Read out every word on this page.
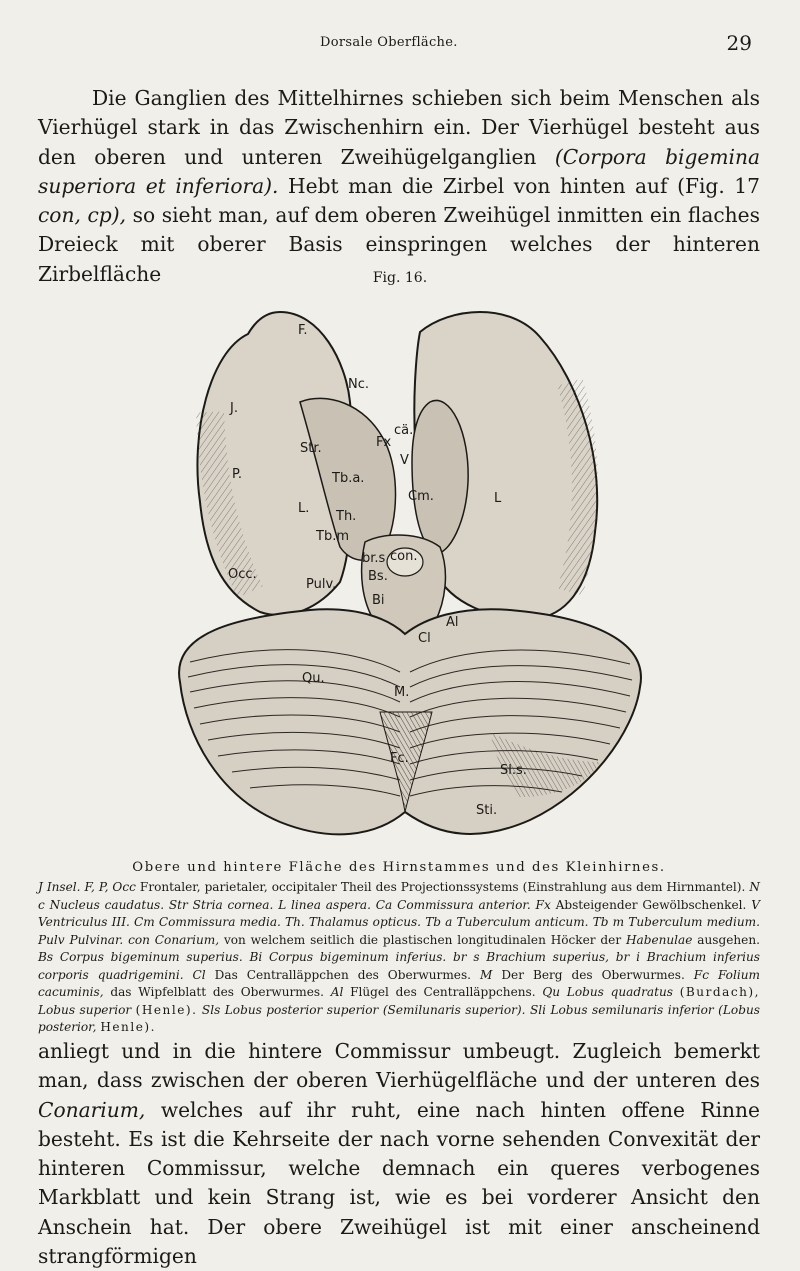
Dorsale Oberfläche.	29

Die Ganglien des Mittelhirnes schieben sich beim Menschen als Vierhügel stark in das Zwischenhirn ein. Der Vierhügel besteht aus den oberen und unteren Zweihügelganglien (Corpora bigemina superiora et inferiora). Hebt man die Zirbel von hinten auf (Fig. 17 con, cp), so sieht man, auf dem oberen Zweihügel inmitten ein flaches Dreieck mit oberer Basis einspringen welches der hinteren Zirbelfläche	Fig. 16.
F.
Nc.
cä.
Fx
J.
Str.
Tb.a.
V
Cm.
P.
L.
Th.
L
Tb.m
br.s con.
Bs.
Occ.
Pulv.
Bi
Cl
Al
Qu.
M.
Fc.
Sl.s.
Sti.
Obere und hintere Fläche des Hirnstammes und des Kleinhirnes.
J Insel. F, P, Occ Frontaler, parietaler, occipitaler Theil des Projectionssystems (Einstrahlung aus dem Hirnmantel). N c Nucleus caudatus. Str Stria cornea. L linea aspera. Ca Commissura anterior. Fx Absteigender Gewölbschenkel. V Ventriculus III. Cm Commissura media. Th. Thalamus opticus. Tb a Tuberculum anticum. Tb m Tuberculum medium. Pulv Pulvinar. con Conarium, von welchem seitlich die plastischen longitudinalen Höcker der Habenulae ausgehen. Bs Corpus bigeminum superius. Bi Corpus bigeminum inferius. br s Brachium superius, br i Brachium inferius corporis quadrigemini. Cl Das Centralläppchen des Oberwurmes. M Der Berg des Oberwurmes. Fc Folium cacuminis, das Wipfelblatt des Oberwurmes. Al Flügel des Centralläppchens. Qu Lobus quadratus (Burdach), Lobus superior (Henle). Sls Lobus posterior superior (Semilunaris superior). Sli Lobus semilunaris inferior (Lobus posterior, Henle).

anliegt und in die hintere Commissur umbeugt. Zugleich bemerkt man, dass zwischen der oberen Vierhügelfläche und der unteren des Conarium, welches auf ihr ruht, eine nach hinten offene Rinne besteht. Es ist die Kehrseite der nach vorne sehenden Convexität der hinteren Commissur, welche demnach ein queres verbogenes Markblatt und kein Strang ist, wie es bei vorderer Ansicht den Anschein hat. Der obere Zweihügel ist mit einer anscheinend strangförmigen
